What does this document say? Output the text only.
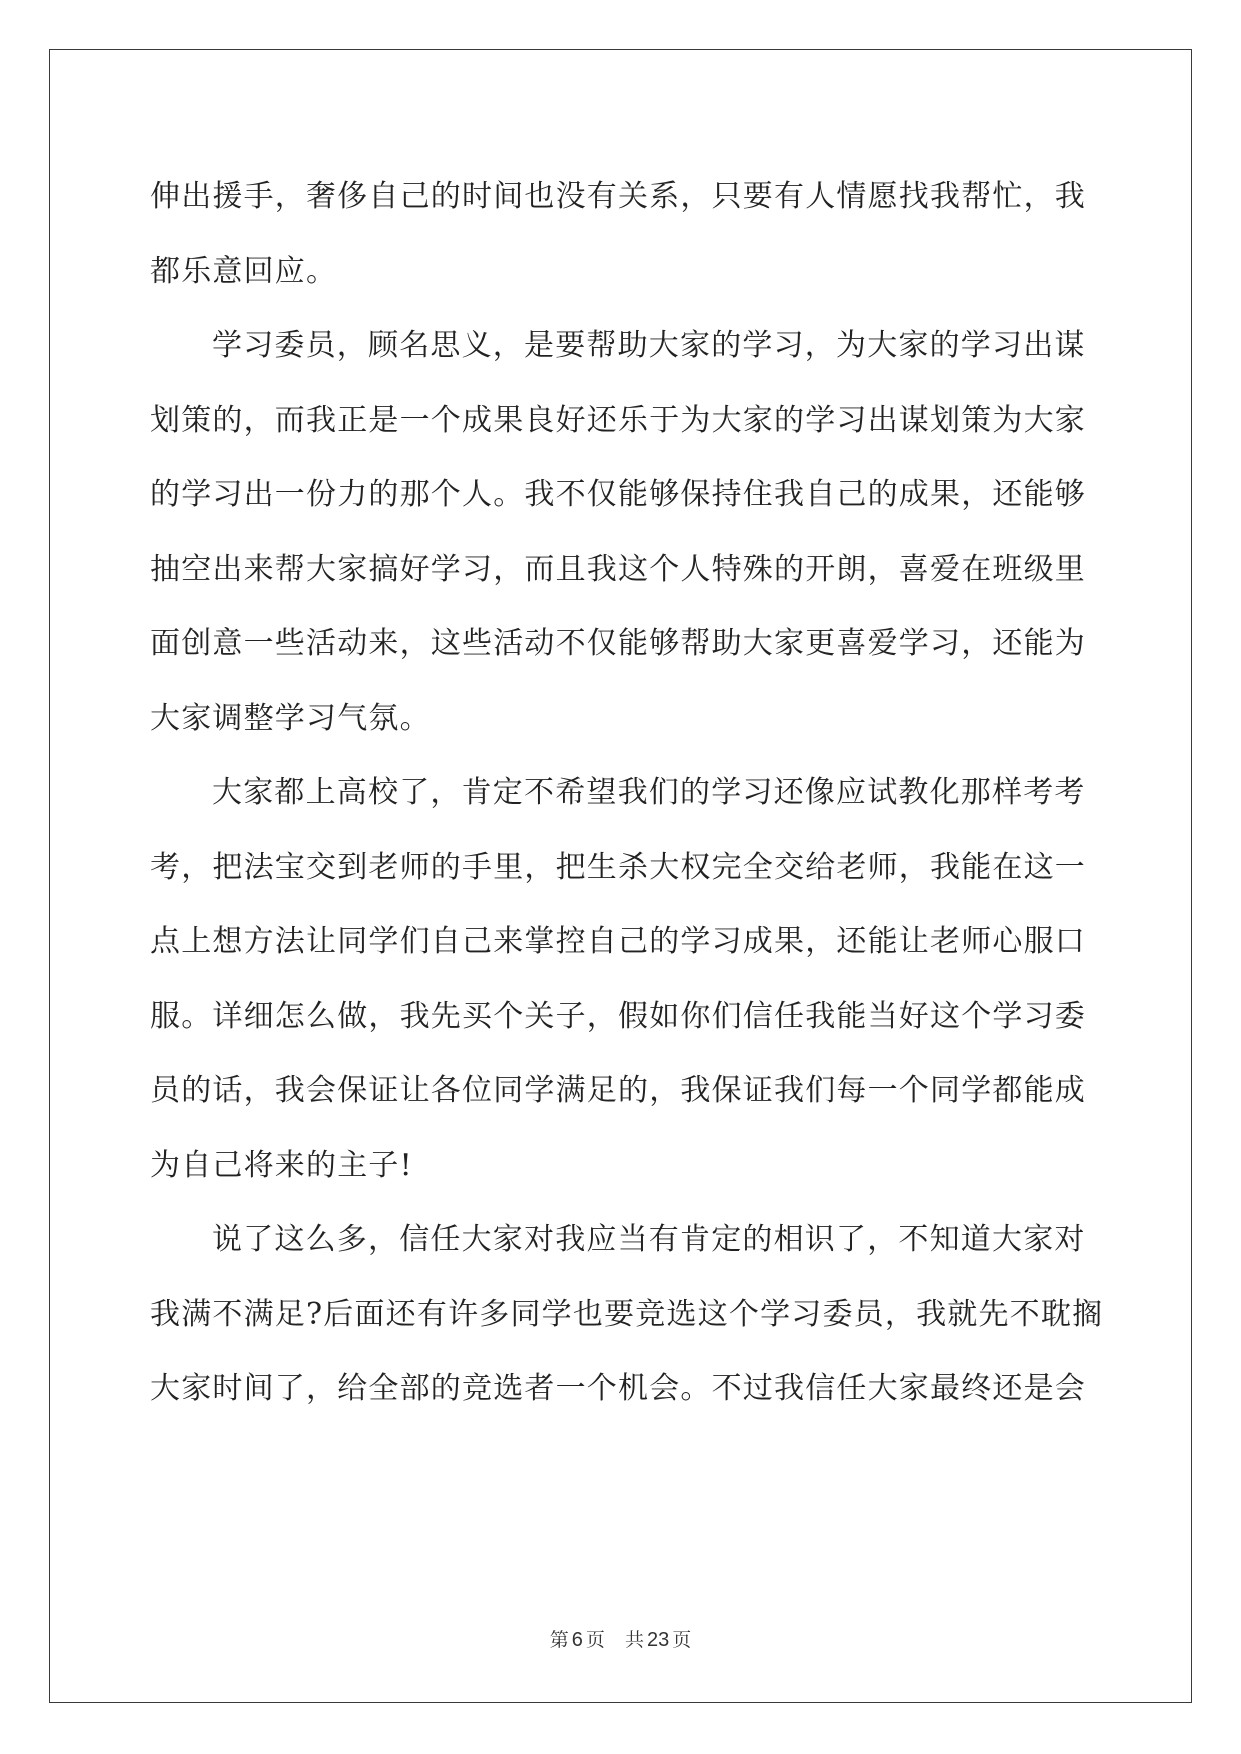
伸出援手，奢侈自己的时间也没有关系，只要有人情愿找我帮忙，我
都乐意回应。
学习委员，顾名思义，是要帮助大家的学习，为大家的学习出谋
划策的，而我正是一个成果良好还乐于为大家的学习出谋划策为大家
的学习出一份力的那个人。我不仅能够保持住我自己的成果，还能够
抽空出来帮大家搞好学习，而且我这个人特殊的开朗，喜爱在班级里
面创意一些活动来，这些活动不仅能够帮助大家更喜爱学习，还能为
大家调整学习气氛。
大家都上高校了，肯定不希望我们的学习还像应试教化那样考考
考，把法宝交到老师的手里，把生杀大权完全交给老师，我能在这一
点上想方法让同学们自己来掌控自己的学习成果，还能让老师心服口
服。详细怎么做，我先买个关子，假如你们信任我能当好这个学习委
员的话，我会保证让各位同学满足的，我保证我们每一个同学都能成
为自己将来的主子!
说了这么多，信任大家对我应当有肯定的相识了，不知道大家对
我满不满足?后面还有许多同学也要竞选这个学习委员，我就先不耽搁
大家时间了，给全部的竞选者一个机会。不过我信任大家最终还是会
第 6 页 共 23 页
